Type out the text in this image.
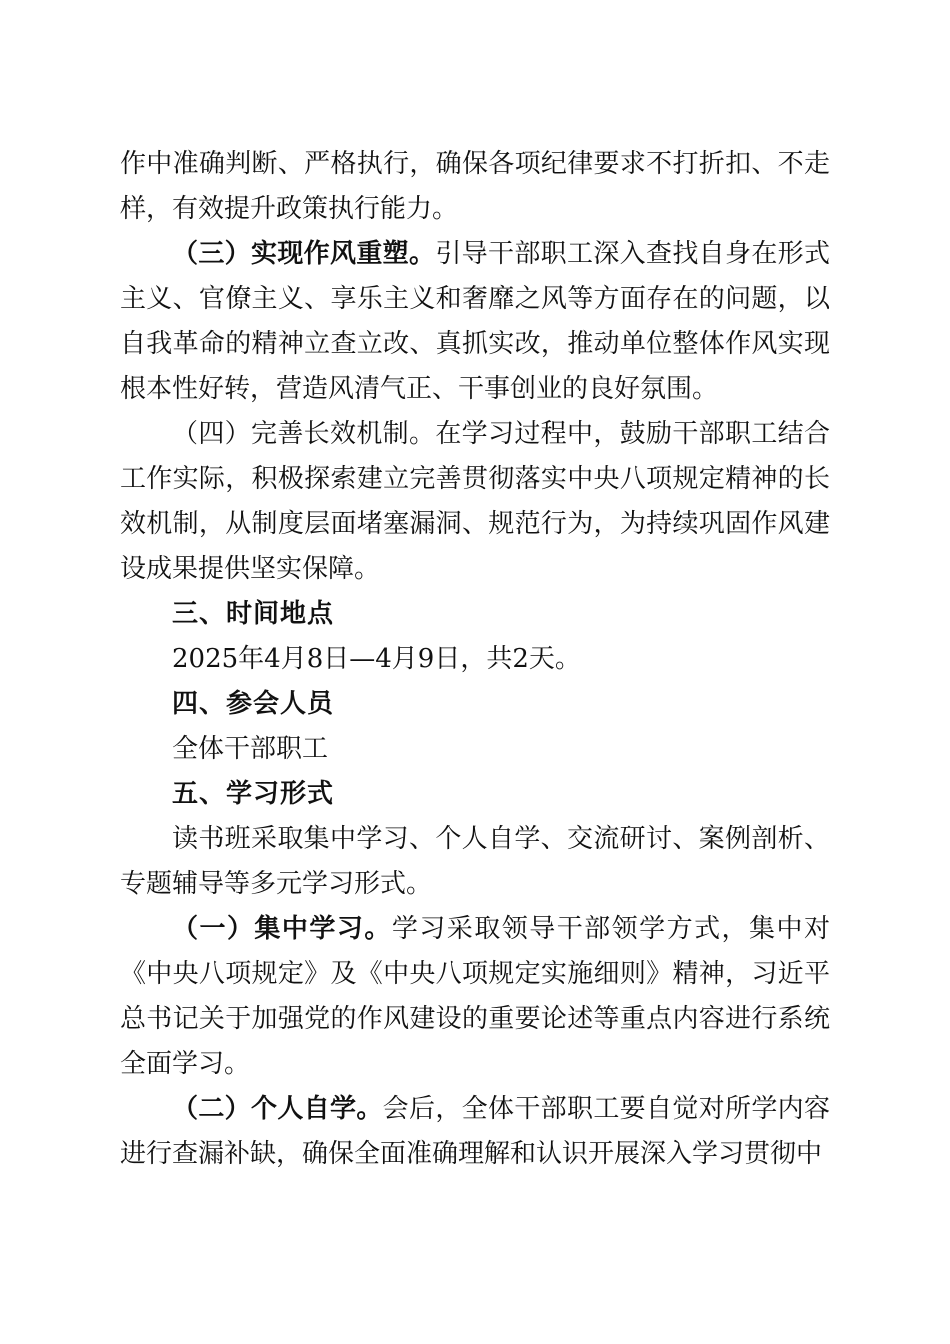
作中准确判断、严格执行，确保各项纪律要求不打折扣、不走样，有效提升政策执行能力。

（三）实现作风重塑。引导干部职工深入查找自身在形式主义、官僚主义、享乐主义和奢靡之风等方面存在的问题，以自我革命的精神立查立改、真抓实改，推动单位整体作风实现根本性好转，营造风清气正、干事创业的良好氛围。

（四）完善长效机制。在学习过程中，鼓励干部职工结合工作实际，积极探索建立完善贯彻落实中央八项规定精神的长效机制，从制度层面堵塞漏洞、规范行为，为持续巩固作风建设成果提供坚实保障。

三、时间地点

2025年4月8日—4月9日，共2天。

四、参会人员

全体干部职工

五、学习形式

读书班采取集中学习、个人自学、交流研讨、案例剖析、专题辅导等多元学习形式。

（一）集中学习。学习采取领导干部领学方式，集中对《中央八项规定》及《中央八项规定实施细则》精神，习近平总书记关于加强党的作风建设的重要论述等重点内容进行系统全面学习。

（二）个人自学。会后，全体干部职工要自觉对所学内容进行查漏补缺，确保全面准确理解和认识开展深入学习贯彻中
